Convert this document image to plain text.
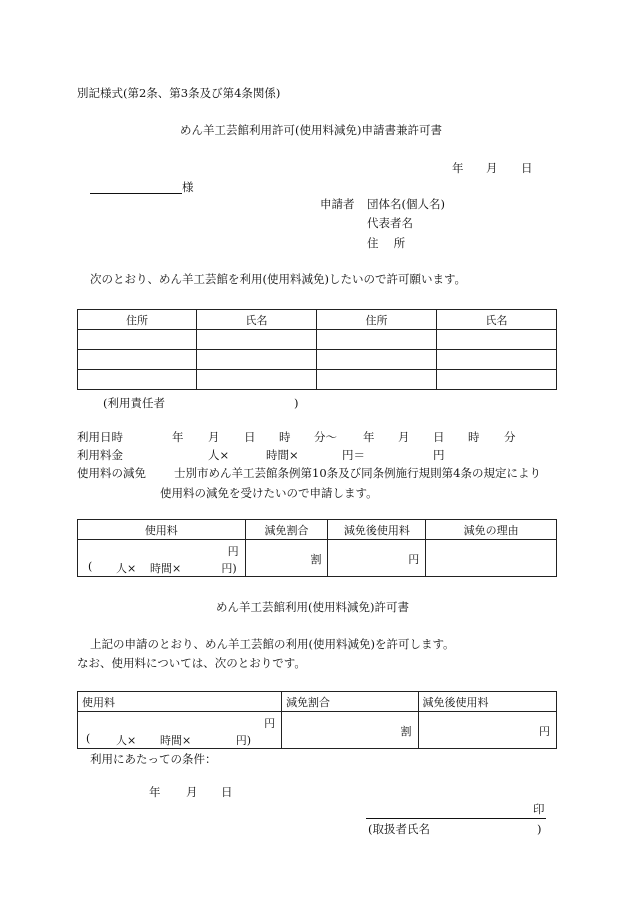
別記様式(第2条、第3条及び第4条関係)
めん羊工芸館利用許可(使用料減免)申請書兼許可書
年 月 日
様
申請者 団体名(個人名)
代表者名
住　 所
次のとおり、めん羊工芸館を利用(使用料減免)したいので許可願います。
住所	氏名	住所	氏名

(利用責任者	)
利用日時	年 月 日 時 分〜 年 月 日 時 分
利用料金	人×	時間×	円＝	円
使用料の減免 士別市めん羊工芸館条例第10条及び同条例施行規則第4条の規定により
使用料の減免を受けたいので申請します。
使用料	減免割合	減免後使用料	減免の理由

円
( 人× 時間× 円)	割	円	

めん羊工芸館利用(使用料減免)許可書
上記の申請のとおり、めん羊工芸館の利用(使用料減免)を許可します。
なお、使用料については、次のとおりです。
使用料	減免割合	減免後使用料

円
( 人× 時間× 円)	割	円
利用にあたっての条件：
年 月 日
印
(取扱者氏名	)
